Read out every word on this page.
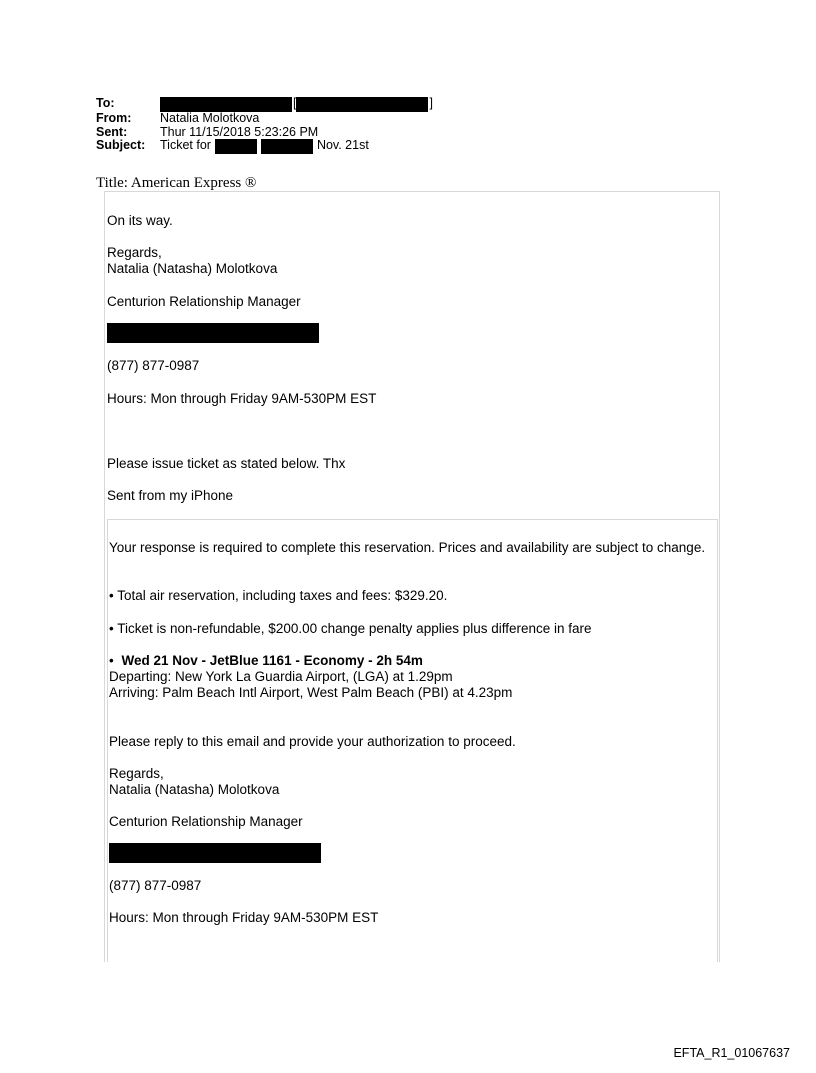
To:	[	]
From:	Natalia Molotkova
Sent:	Thur 11/15/2018 5:23:26 PM
Subject:	Ticket for	Nov. 21st
Title: American Express ®
On its way.
Regards,
Natalia (Natasha) Molotkova
Centurion Relationship Manager
(877) 877-0987
Hours: Mon through Friday 9AM-530PM EST
Please issue ticket as stated below. Thx
Sent from my iPhone
Your response is required to complete this reservation. Prices and availability are subject to change.
• Total air reservation, including taxes and fees: $329.20.
• Ticket is non-refundable, $200.00 change penalty applies plus difference in fare
• Wed 21 Nov - JetBlue 1161 - Economy - 2h 54m
Departing: New York La Guardia Airport, (LGA) at 1.29pm
Arriving: Palm Beach Intl Airport, West Palm Beach (PBI) at 4.23pm
Please reply to this email and provide your authorization to proceed.
Regards,
Natalia (Natasha) Molotkova
Centurion Relationship Manager
(877) 877-0987
Hours: Mon through Friday 9AM-530PM EST
EFTA_R1_01067637
